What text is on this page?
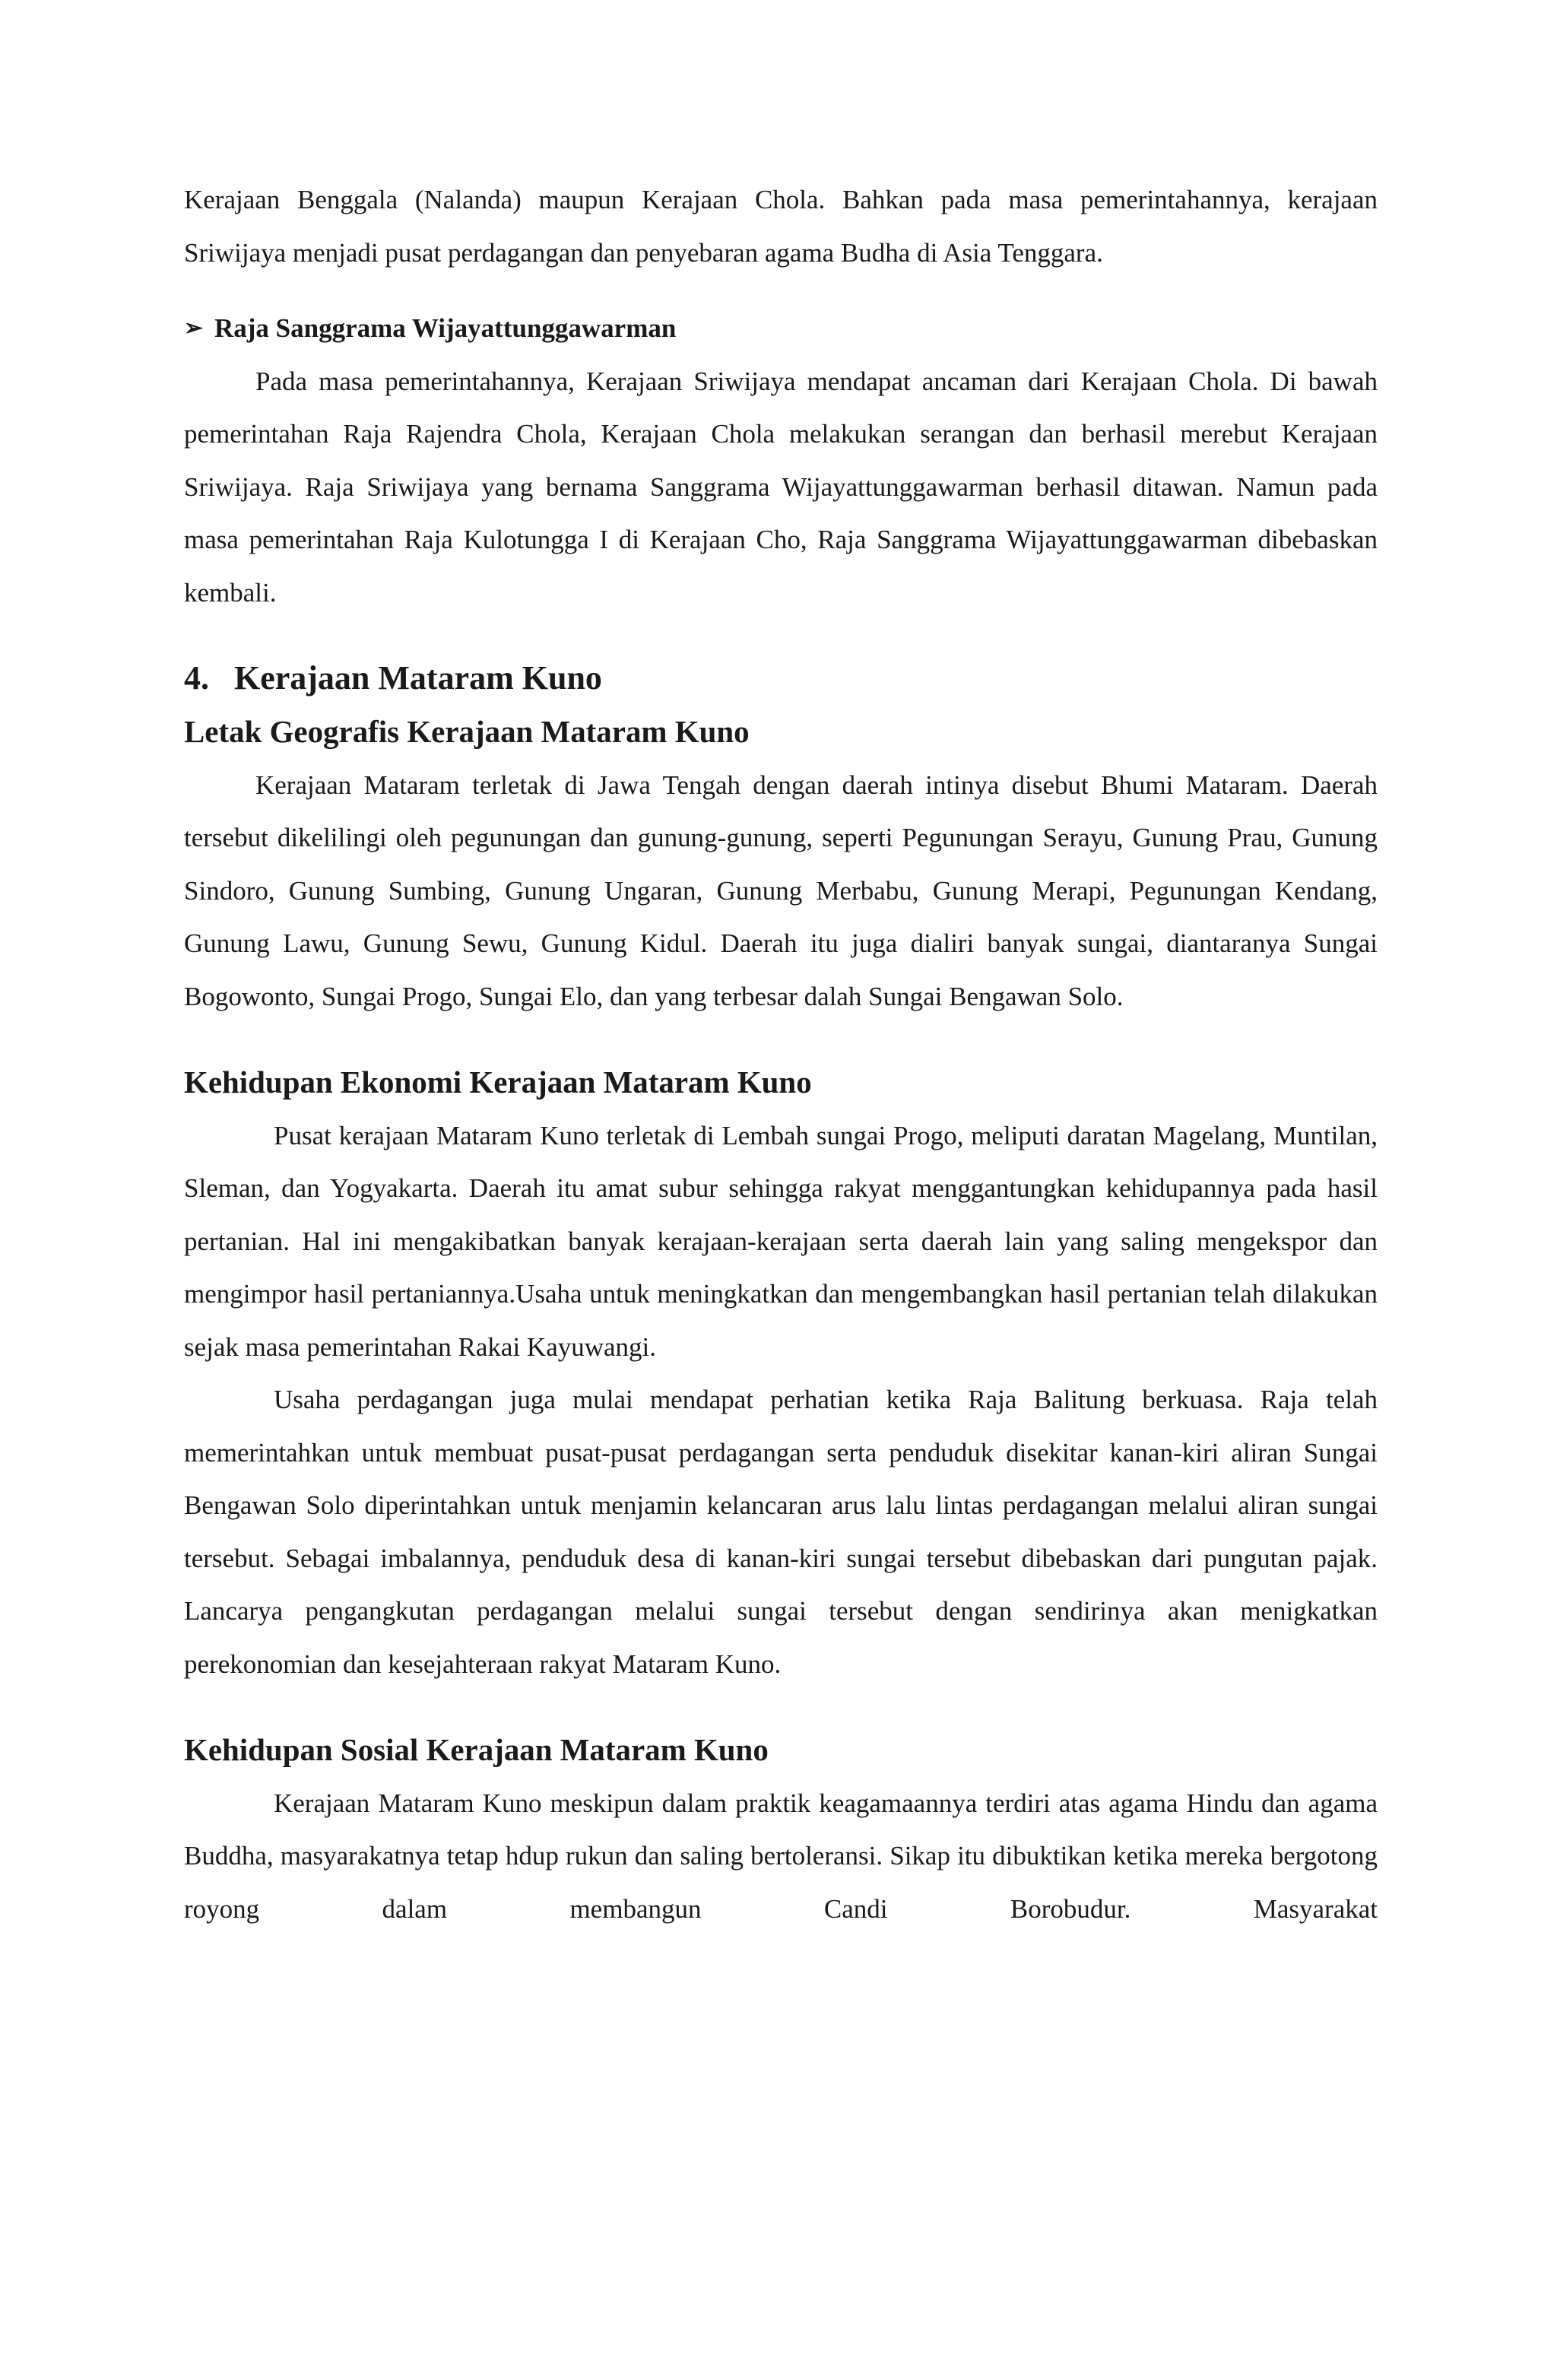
Kerajaan Benggala (Nalanda) maupun Kerajaan Chola. Bahkan pada masa pemerintahannya, kerajaan Sriwijaya menjadi pusat perdagangan dan penyebaran agama Budha di Asia Tenggara.

➢ Raja Sanggrama Wijayattunggawarman

Pada masa pemerintahannya, Kerajaan Sriwijaya mendapat ancaman dari Kerajaan Chola. Di bawah pemerintahan Raja Rajendra Chola, Kerajaan Chola melakukan serangan dan berhasil merebut Kerajaan Sriwijaya. Raja Sriwijaya yang bernama Sanggrama Wijayattunggawarman berhasil ditawan. Namun pada masa pemerintahan Raja Kulotungga I di Kerajaan Cho, Raja Sanggrama Wijayattunggawarman dibebaskan kembali.

4. Kerajaan Mataram Kuno
Letak Geografis Kerajaan Mataram Kuno

Kerajaan Mataram terletak di Jawa Tengah dengan daerah intinya disebut Bhumi Mataram. Daerah tersebut dikelilingi oleh pegunungan dan gunung-gunung, seperti Pegunungan Serayu, Gunung Prau, Gunung Sindoro, Gunung Sumbing, Gunung Ungaran, Gunung Merbabu, Gunung Merapi, Pegunungan Kendang, Gunung Lawu, Gunung Sewu, Gunung Kidul. Daerah itu juga dialiri banyak sungai, diantaranya Sungai Bogowonto, Sungai Progo, Sungai Elo, dan yang terbesar dalah Sungai Bengawan Solo.

Kehidupan Ekonomi Kerajaan Mataram Kuno

Pusat kerajaan Mataram Kuno terletak di Lembah sungai Progo, meliputi daratan Magelang, Muntilan, Sleman, dan Yogyakarta. Daerah itu amat subur sehingga rakyat menggantungkan kehidupannya pada hasil pertanian. Hal ini mengakibatkan banyak kerajaan-kerajaan serta daerah lain yang saling mengekspor dan mengimpor hasil pertaniannya.Usaha untuk meningkatkan dan mengembangkan hasil pertanian telah dilakukan sejak masa pemerintahan Rakai Kayuwangi.

Usaha perdagangan juga mulai mendapat perhatian ketika Raja Balitung berkuasa. Raja telah memerintahkan untuk membuat pusat-pusat perdagangan serta penduduk disekitar kanan-kiri aliran Sungai Bengawan Solo diperintahkan untuk menjamin kelancaran arus lalu lintas perdagangan melalui aliran sungai tersebut. Sebagai imbalannya, penduduk desa di kanan-kiri sungai tersebut dibebaskan dari pungutan pajak. Lancarya pengangkutan perdagangan melalui sungai tersebut dengan sendirinya akan menigkatkan perekonomian dan kesejahteraan rakyat Mataram Kuno.

Kehidupan Sosial Kerajaan Mataram Kuno

Kerajaan Mataram Kuno meskipun dalam praktik keagamaannya terdiri atas agama Hindu dan agama Buddha, masyarakatnya tetap hdup rukun dan saling bertoleransi. Sikap itu dibuktikan ketika mereka bergotong royong dalam membangun Candi Borobudur. Masyarakat
